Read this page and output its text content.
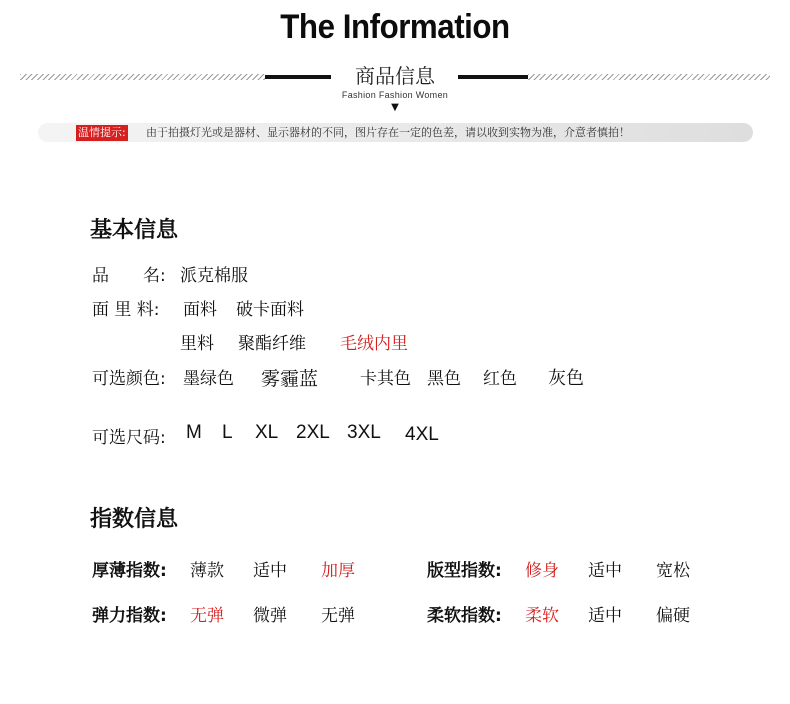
The Information
商品信息
Fashion Fashion Women
▼
温情提示: 由于拍摄灯光或是器材、显示器材的不同，图片存在一定的色差，请以收到实物为准，介意者慎拍！
基本信息
品　　名: 派克棉服
面 里 料: 面料 破卡面料
里料 聚酯纤维 毛绒内里
可选颜色: 墨绿色 雾霾蓝 卡其色 黑色 红色 灰色
可选尺码: M L XL 2XL 3XL 4XL
指数信息
厚薄指数: 薄款 适中 加厚	版型指数: 修身 适中 宽松
弹力指数: 无弹 微弹 无弹	柔软指数: 柔软 适中 偏硬
